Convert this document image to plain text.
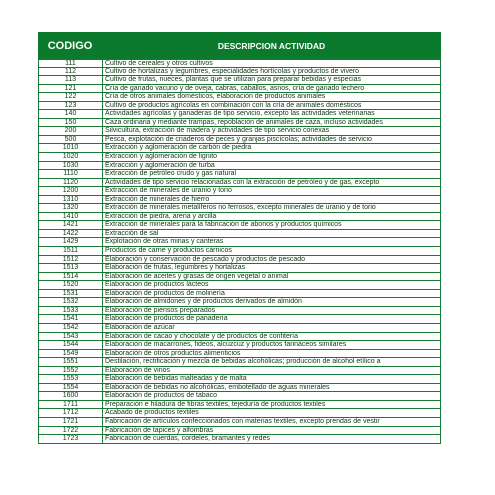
CODIGO	DESCRIPCION ACTIVIDAD
111	Cultivo de cereales y otros cultivos
112	Cultivo de hortalizas y legumbres, especialidades hortícolas y productos de vivero
113	Cultivo de frutas, nueces, plantas que se utilizan para preparar bebidas y especias
121	Cría de ganado vacuno y de oveja, cabras, caballos, asnos, cría de ganado lechero
122	Cría de otros animales domésticos, elaboración de productos animales
123	Cultivo de productos agrícolas en combinación con la cría de animales domésticos
140	Actividades agrícolas y ganaderas de tipo servicio, excepto las actividades veterinarias
150	Caza ordinaria y mediante trampas, repoblación de animales de caza, incluso actividades
200	Silvicultura, extracción de madera y actividades de tipo servicio conexas
500	Pesca, explotación de criaderos de peces y granjas piscícolas; actividades de servicio
1010	Extracción y aglomeración de carbón de piedra
1020	Extracción y aglomeración de lignito
1030	Extracción y aglomeración de turba
1110	Extracción de petróleo crudo y gas natural
1120	Actividades de tipo servicio relacionadas con la extracción de petróleo y de gas, excepto
1200	Extracción de minerales de uranio y torio
1310	Extracción de minerales de hierro
1320	Extracción de minerales metalíferos no ferrosos, excepto minerales de uranio y de torio
1410	Extracción de piedra, arena y arcilla
1421	Extracción de minerales para la fabricación de abonos y productos químicos
1422	Extracción de sal
1429	Explotación de otras minas y canteras
1511	Productos de carne y productos cárnicos
1512	Elaboración y conservación de pescado y productos de pescado
1513	Elaboración de frutas, legumbres y hortalizas
1514	Elaboración de aceites y grasas de origen vegetal o animal
1520	Elaboración de productos lácteos
1531	Elaboración de productos de molinería
1532	Elaboración de almidones y de productos derivados de almidón
1533	Elaboración de piensos preparados
1541	Elaboración de productos de panadería
1542	Elaboración de azúcar
1543	Elaboración de cacao y chocolate y de productos de confitería
1544	Elaboración de macarrones, fideos, alcuzcuz y productos farináceos similares
1549	Elaboración de otros productos alimenticios
1551	Destilación, rectificación y mezcla de bebidas alcohólicas; producción de alcohol etílico a
1552	Elaboración de vinos
1553	Elaboración de bebidas malteadas y de malta
1554	Elaboración de bebidas no alcohólicas, embotellado de aguas minerales
1600	Elaboración de productos de tabaco
1711	Preparación e hiladura de fibras textiles, tejeduría de productos textiles
1712	Acabado de productos textiles
1721	Fabricación de artículos confeccionados con materias textiles, excepto prendas de vestir
1722	Fabricación de tapices y alfombras
1723	Fabricación de cuerdas, cordeles, bramantes y redes
